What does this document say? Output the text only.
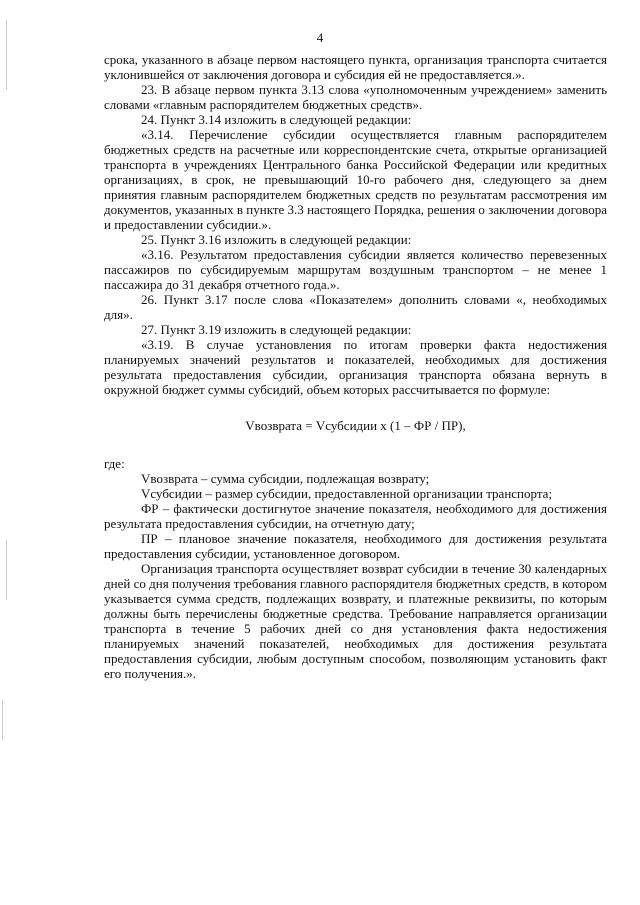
4

срока, указанного в абзаце первом настоящего пункта, организация транспорта считается уклонившейся от заключения договора и субсидия ей не предоставляется.».

23. В абзаце первом пункта 3.13 слова «уполномоченным учреждением» заменить словами «главным распорядителем бюджетных средств».

24. Пункт 3.14 изложить в следующей редакции:

«3.14. Перечисление субсидии осуществляется главным распорядителем бюджетных средств на расчетные или корреспондентские счета, открытые организацией транспорта в учреждениях Центрального банка Российской Федерации или кредитных организациях, в срок, не превышающий 10-го рабочего дня, следующего за днем принятия главным распорядителем бюджетных средств по результатам рассмотрения им документов, указанных в пункте 3.3 настоящего Порядка, решения о заключении договора и предоставлении субсидии.».

25. Пункт 3.16 изложить в следующей редакции:

«3.16. Результатом предоставления субсидии является количество перевезенных пассажиров по субсидируемым маршрутам воздушным транспортом – не менее 1 пассажира до 31 декабря отчетного года.».

26. Пункт 3.17 после слова «Показателем» дополнить словами «, необходимых для».

27. Пункт 3.19 изложить в следующей редакции:

«3.19. В случае установления по итогам проверки факта недостижения планируемых значений результатов и показателей, необходимых для достижения результата предоставления субсидии, организация транспорта обязана вернуть в окружной бюджет суммы субсидий, объем которых рассчитывается по формуле:

Vвозврата = Vсубсидии х (1 – ФР / ПР),

где:

Vвозврата – сумма субсидии, подлежащая возврату;

Vсубсидии – размер субсидии, предоставленной организации транспорта;

ФР – фактически достигнутое значение показателя, необходимого для достижения результата предоставления субсидии, на отчетную дату;

ПР – плановое значение показателя, необходимого для достижения результата предоставления субсидии, установленное договором.

Организация транспорта осуществляет возврат субсидии в течение 30 календарных дней со дня получения требования главного распорядителя бюджетных средств, в котором указывается сумма средств, подлежащих возврату, и платежные реквизиты, по которым должны быть перечислены бюджетные средства. Требование направляется организации транспорта в течение 5 рабочих дней со дня установления факта недостижения планируемых значений показателей, необходимых для достижения результата предоставления субсидии, любым доступным способом, позволяющим установить факт его получения.».
